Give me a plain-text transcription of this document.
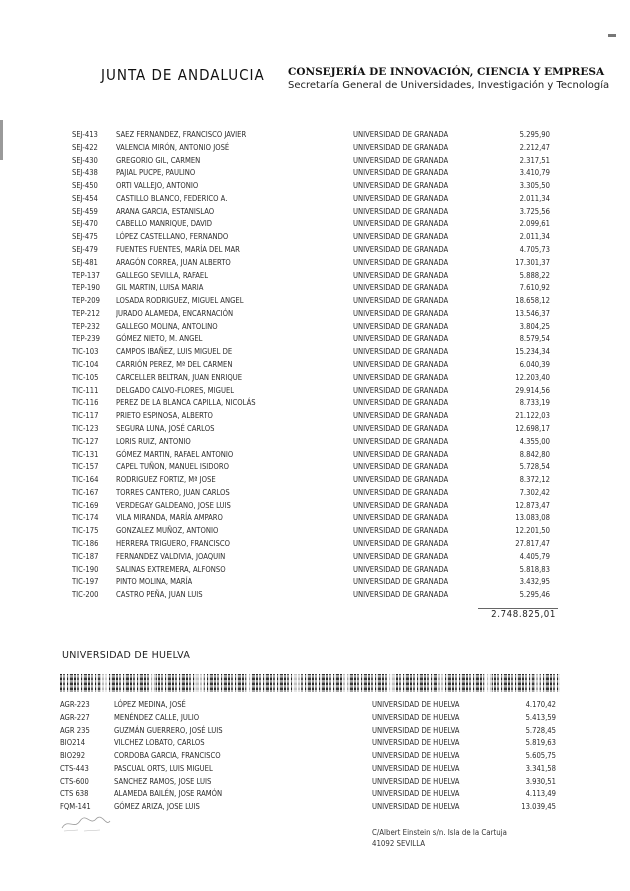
JUNTA DE ANDALUCIA CONSEJERÍA DE INNOVACIÓN, CIENCIA Y EMPRESA
Secretaría General de Universidades, Investigación y Tecnología
SEJ-413	SAEZ FERNANDEZ, FRANCISCO JAVIER	UNIVERSIDAD DE GRANADA	5.295,90
SEJ-422	VALENCIA MIRÓN, ANTONIO JOSÉ	UNIVERSIDAD DE GRANADA	2.212,47
SEJ-430	GREGORIO GIL, CARMEN	UNIVERSIDAD DE GRANADA	2.317,51
SEJ-438	PAJIAL PUCPE, PAULINO	UNIVERSIDAD DE GRANADA	3.410,79
SEJ-450	ORTI VALLEJO, ANTONIO	UNIVERSIDAD DE GRANADA	3.305,50
SEJ-454	CASTILLO BLANCO, FEDERICO A.	UNIVERSIDAD DE GRANADA	2.011,34
SEJ-459	ARANA GARCIA, ESTANISLAO	UNIVERSIDAD DE GRANADA	3.725,56
SEJ-470	CABELLO MANRIQUE, DAVID	UNIVERSIDAD DE GRANADA	2.099,61
SEJ-475	LÓPEZ CASTELLANO, FERNANDO	UNIVERSIDAD DE GRANADA	2.011,34
SEJ-479	FUENTES FUENTES, MARÍA DEL MAR	UNIVERSIDAD DE GRANADA	4.705,73
SEJ-481	ARAGÓN CORREA, JUAN ALBERTO	UNIVERSIDAD DE GRANADA	17.301,37
TEP-137	GALLEGO SEVILLA, RAFAEL	UNIVERSIDAD DE GRANADA	5.888,22
TEP-190	GIL MARTIN, LUISA MARIA	UNIVERSIDAD DE GRANADA	7.610,92
TEP-209	LOSADA RODRIGUEZ, MIGUEL ANGEL	UNIVERSIDAD DE GRANADA	18.658,12
TEP-212	JURADO ALAMEDA, ENCARNACIÓN	UNIVERSIDAD DE GRANADA	13.546,37
TEP-232	GALLEGO MOLINA, ANTOLINO	UNIVERSIDAD DE GRANADA	3.804,25
TEP-239	GÓMEZ NIETO, M. ANGEL	UNIVERSIDAD DE GRANADA	8.579,54
TIC-103	CAMPOS IBAÑEZ, LUIS MIGUEL DE	UNIVERSIDAD DE GRANADA	15.234,34
TIC-104	CARRIÓN PEREZ, Mª DEL CARMEN	UNIVERSIDAD DE GRANADA	6.040,39
TIC-105	CARCELLER BELTRAN, JUAN ENRIQUE	UNIVERSIDAD DE GRANADA	12.203,40
TIC-111	DELGADO CALVO-FLORES, MIGUEL	UNIVERSIDAD DE GRANADA	29.914,56
TIC-116	PEREZ DE LA BLANCA CAPILLA, NICOLÁS	UNIVERSIDAD DE GRANADA	8.733,19
TIC-117	PRIETO ESPINOSA, ALBERTO	UNIVERSIDAD DE GRANADA	21.122,03
TIC-123	SEGURA LUNA, JOSÉ CARLOS	UNIVERSIDAD DE GRANADA	12.698,17
TIC-127	LORIS RUIZ, ANTONIO	UNIVERSIDAD DE GRANADA	4.355,00
TIC-131	GÓMEZ MARTIN, RAFAEL ANTONIO	UNIVERSIDAD DE GRANADA	8.842,80
TIC-157	CAPEL TUÑON, MANUEL ISIDORO	UNIVERSIDAD DE GRANADA	5.728,54
TIC-164	RODRIGUEZ FORTIZ, Mª JOSE	UNIVERSIDAD DE GRANADA	8.372,12
TIC-167	TORRES CANTERO, JUAN CARLOS	UNIVERSIDAD DE GRANADA	7.302,42
TIC-169	VERDEGAY GALDEANO, JOSE LUIS	UNIVERSIDAD DE GRANADA	12.873,47
TIC-174	VILA MIRANDA, MARÍA AMPARO	UNIVERSIDAD DE GRANADA	13.083,08
TIC-175	GONZALEZ MUÑOZ, ANTONIO	UNIVERSIDAD DE GRANADA	12.201,50
TIC-186	HERRERA TRIGUERO, FRANCISCO	UNIVERSIDAD DE GRANADA	27.817,47
TIC-187	FERNANDEZ VALDIVIA, JOAQUIN	UNIVERSIDAD DE GRANADA	4.405,79
TIC-190	SALINAS EXTREMERA, ALFONSO	UNIVERSIDAD DE GRANADA	5.818,83
TIC-197	PINTO MOLINA, MARÍA	UNIVERSIDAD DE GRANADA	3.432,95
TIC-200	CASTRO PEÑA, JUAN LUIS	UNIVERSIDAD DE GRANADA	5.295,46
2.748.825,01
UNIVERSIDAD DE HUELVA
AGR-223	LÓPEZ MEDINA, JOSÉ	UNIVERSIDAD DE HUELVA	4.170,42
AGR-227	MENÉNDEZ CALLE, JULIO	UNIVERSIDAD DE HUELVA	5.413,59
AGR 235	GUZMÁN GUERRERO, JOSÉ LUIS	UNIVERSIDAD DE HUELVA	5.728,45
BIO214	VILCHEZ LOBATO, CARLOS	UNIVERSIDAD DE HUELVA	5.819,63
BIO292	CORDOBA GARCIA, FRANCISCO	UNIVERSIDAD DE HUELVA	5.605,75
CTS-443	PASCUAL ORTS, LUIS MIGUEL	UNIVERSIDAD DE HUELVA	3.341,58
CTS-600	SANCHEZ RAMOS, JOSE LUIS	UNIVERSIDAD DE HUELVA	3.930,51
CTS 638	ALAMEDA BAILÉN, JOSE RAMÓN	UNIVERSIDAD DE HUELVA	4.113,49
FQM-141	GÓMEZ ARIZA, JOSE LUIS	UNIVERSIDAD DE HUELVA	13.039,45
C/Albert Einstein s/n. Isla de la Cartuja
41092 SEVILLA
